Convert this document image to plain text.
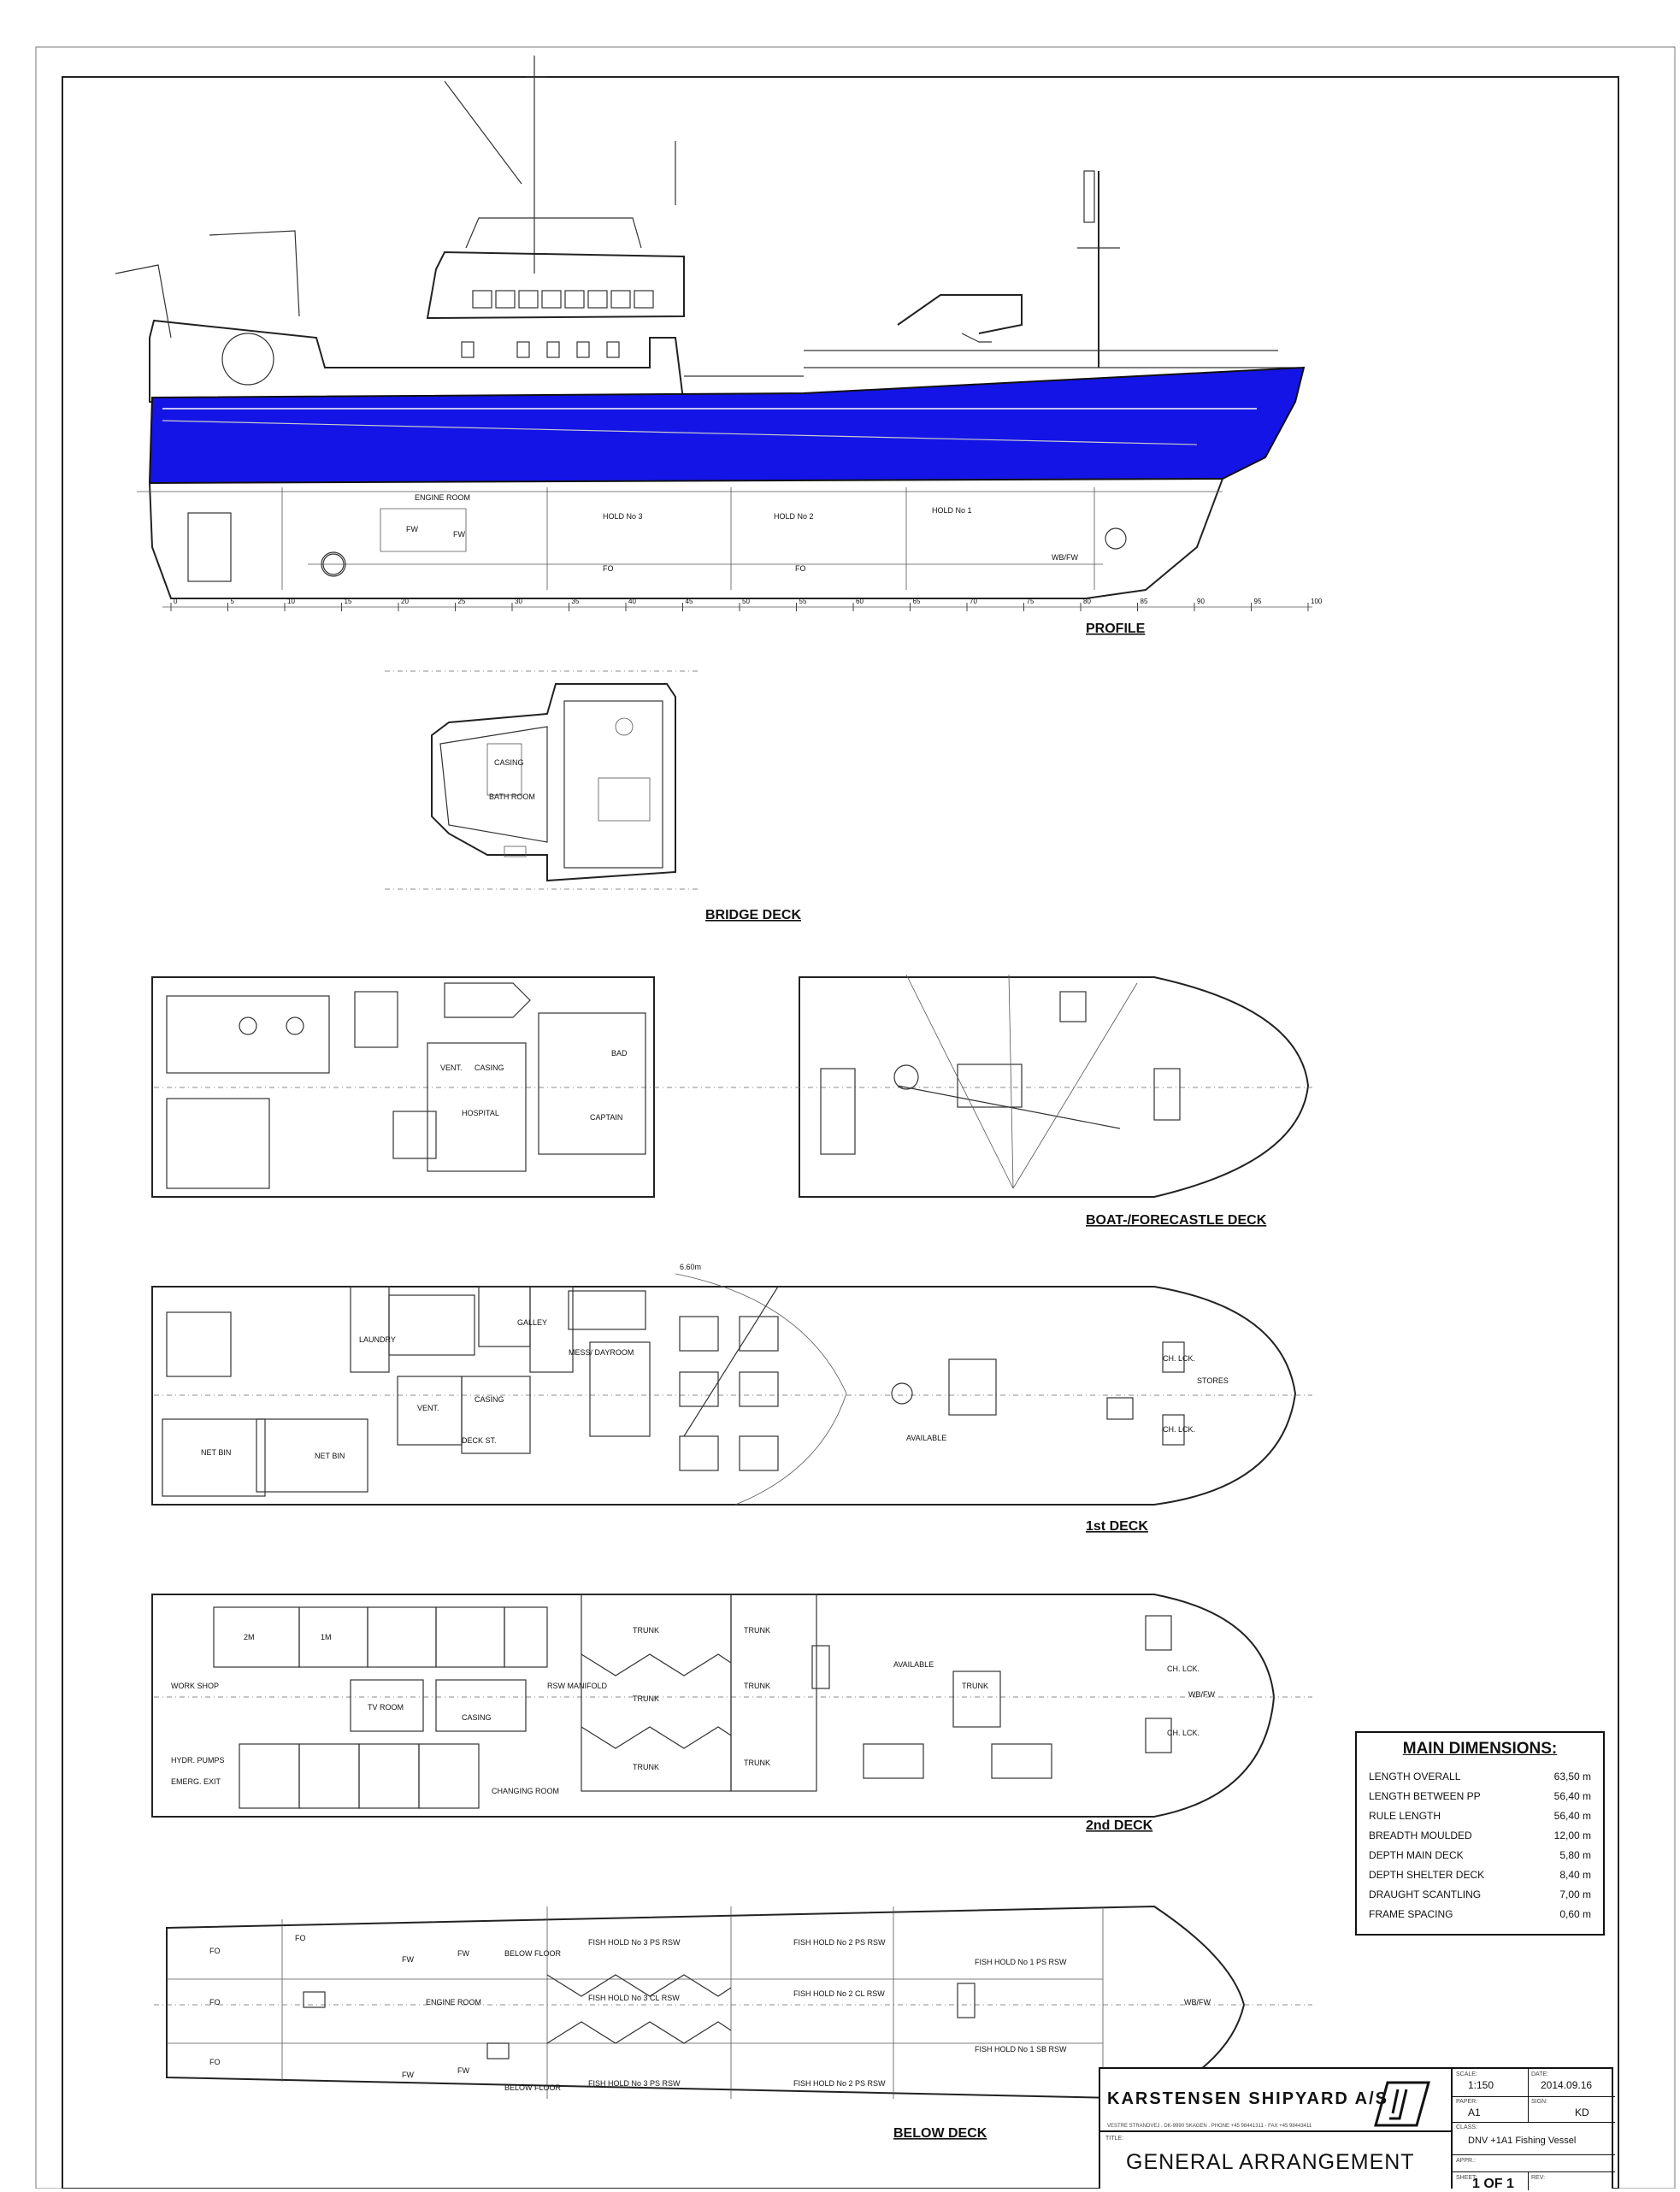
ENGINE ROOM
FW
FW
HOLD No 3	HOLD No 2
HOLD No 1
FO	FO
WB/FW
0	5	10	15	20	25	30	35	40	45	50	55	60	65	70	75	80	85	90	95	100
PROFILE
CASING
BATH ROOM
BRIDGE DECK
VENT. CASING
HOSPITAL	CAPTAIN
BAD
BOAT-/FORECASTLE DECK
6.60m
GALLEY
LAUNDRY
MESS/ DAYROOM
CASING
VENT.
DECK ST.
NET BIN	NET BIN
STORES
AVAILABLE
CH. LCK.
CH. LCK.
1st DECK
2M	1M
WORK SHOP
HYDR. PUMPS
EMERG. EXIT
TV ROOM
CASING
CHANGING ROOM
RSW MANIFOLD
TRUNK	TRUNK
TRUNK
TRUNK
TRUNK	TRUNK
TRUNK
AVAILABLE
WB/FW
CH. LCK.
CH. LCK.
2nd DECK
FO
FO
FO
FO
FW
FW
FW	FW
BELOW FLOOR
BELOW FLOOR
ENGINE ROOM
FISH HOLD No 3 PS RSW
FISH HOLD No 3 CL RSW
FISH HOLD No 3 PS RSW
FISH HOLD No 2 PS RSW
FISH HOLD No 2 CL RSW
FISH HOLD No 2 PS RSW
FISH HOLD No 1 PS RSW
FISH HOLD No 1 SB RSW
WB/FW
BELOW DECK
MAIN DIMENSIONS:
LENGTH OVERALL	63,50 m
LENGTH BETWEEN PP	56,40 m
RULE LENGTH	56,40 m
BREADTH MOULDED	12,00 m
DEPTH MAIN DECK	5,80 m
DEPTH SHELTER DECK	8,40 m
DRAUGHT SCANTLING	7,00 m
FRAME SPACING	0,60 m
KARSTENSEN SHIPYARD A/S
VESTRE STRANDVEJ . DK-9990 SKAGEN . PHONE +45 98441311 - FAX +45 98443411
TITLE:
GENERAL ARRANGEMENT
SCALE:
1:150
DATE:
2014.09.16
PAPER:
A1
SIGN:
KD
CLASS:
DNV +1A1 Fishing Vessel
APPR.:
SHEET:
1 OF 1	REV:
